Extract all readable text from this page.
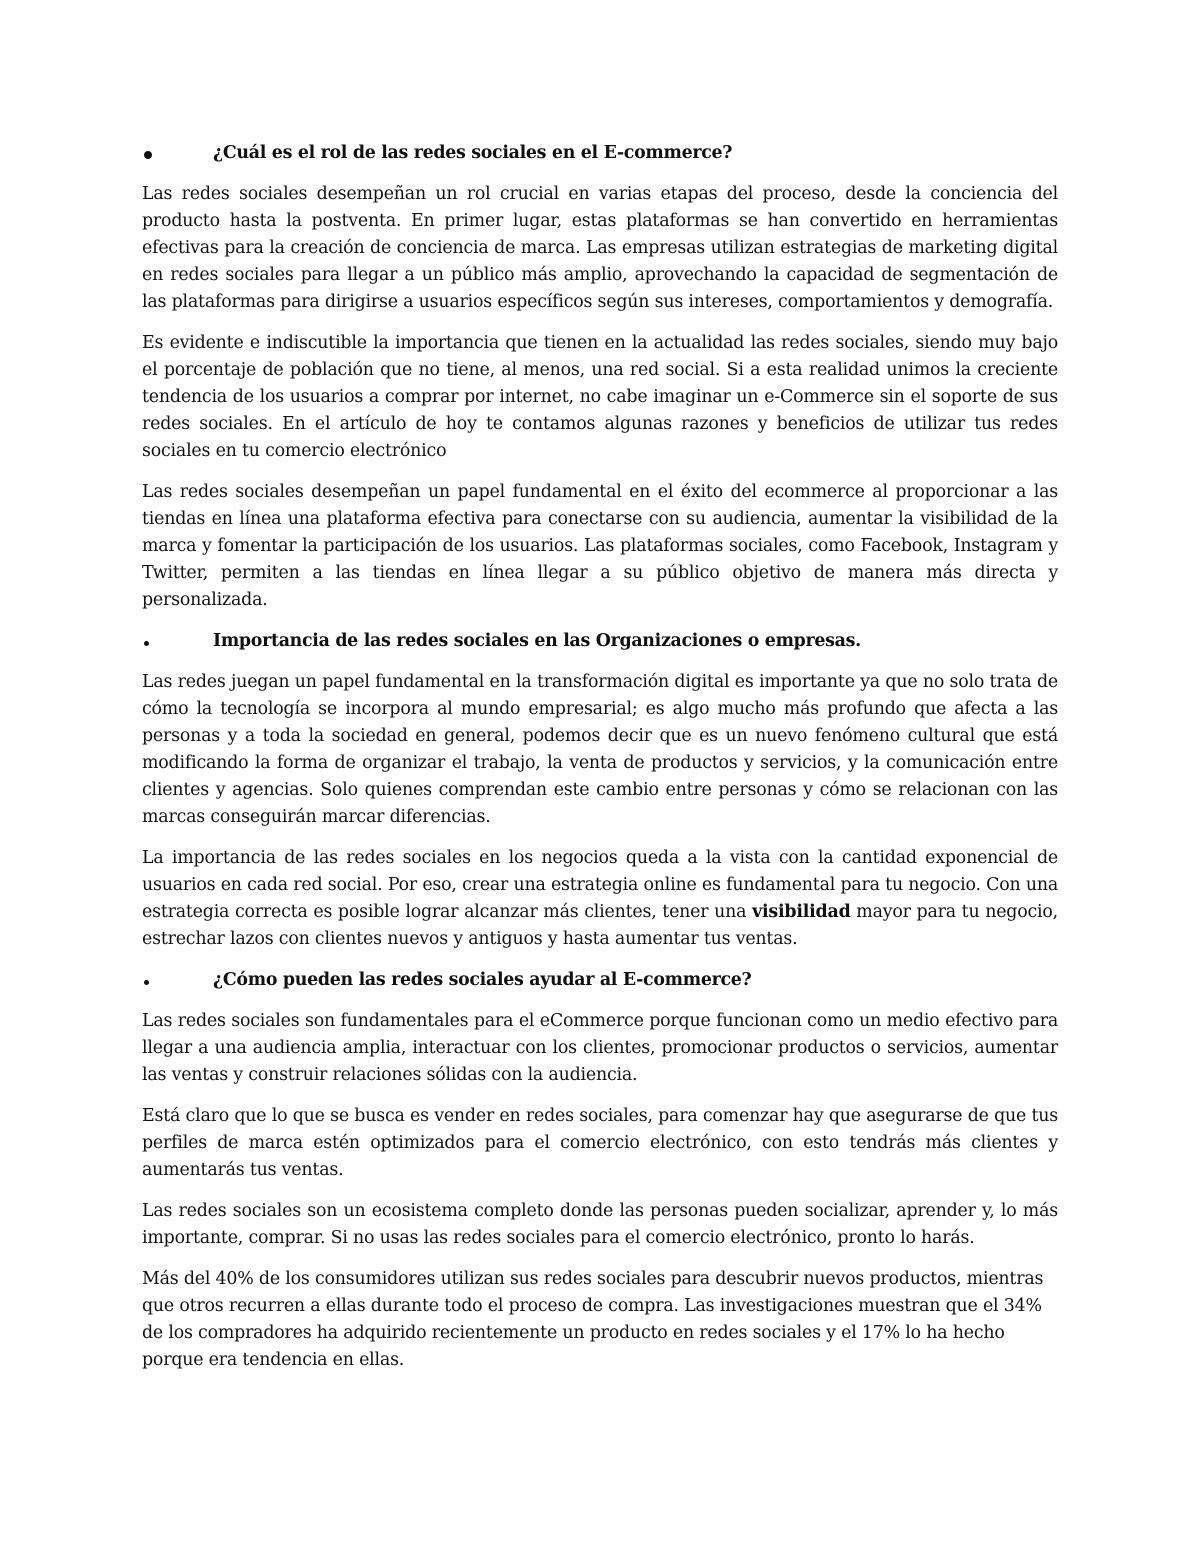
¿Cuál es el rol de las redes sociales en el E-commerce?

Las redes sociales desempeñan un rol crucial en varias etapas del proceso, desde la conciencia del producto hasta la postventa. En primer lugar, estas plataformas se han convertido en herramientas efectivas para la creación de conciencia de marca. Las empresas utilizan estrategias de marketing digital en redes sociales para llegar a un público más amplio, aprovechando la capacidad de segmentación de las plataformas para dirigirse a usuarios específicos según sus intereses, comportamientos y demografía.

Es evidente e indiscutible la importancia que tienen en la actualidad las redes sociales, siendo muy bajo el porcentaje de población que no tiene, al menos, una red social. Si a esta realidad unimos la creciente tendencia de los usuarios a comprar por internet, no cabe imaginar un e-Commerce sin el soporte de sus redes sociales. En el artículo de hoy te contamos algunas razones y beneficios de utilizar tus redes sociales en tu comercio electrónico

Las redes sociales desempeñan un papel fundamental en el éxito del ecommerce al proporcionar a las tiendas en línea una plataforma efectiva para conectarse con su audiencia, aumentar la visibilidad de la marca y fomentar la participación de los usuarios. Las plataformas sociales, como Facebook, Instagram y Twitter, permiten a las tiendas en línea llegar a su público objetivo de manera más directa y personalizada.

Importancia de las redes sociales en las Organizaciones o empresas.

Las redes juegan un papel fundamental en la transformación digital es importante ya que no solo trata de cómo la tecnología se incorpora al mundo empresarial; es algo mucho más profundo que afecta a las personas y a toda la sociedad en general, podemos decir que es un nuevo fenómeno cultural que está modificando la forma de organizar el trabajo, la venta de productos y servicios, y la comunicación entre clientes y agencias. Solo quienes comprendan este cambio entre personas y cómo se relacionan con las marcas conseguirán marcar diferencias.

La importancia de las redes sociales en los negocios queda a la vista con la cantidad exponencial de usuarios en cada red social. Por eso, crear una estrategia online es fundamental para tu negocio. Con una estrategia correcta es posible lograr alcanzar más clientes, tener una visibilidad mayor para tu negocio, estrechar lazos con clientes nuevos y antiguos y hasta aumentar tus ventas.

¿Cómo pueden las redes sociales ayudar al E-commerce?

Las redes sociales son fundamentales para el eCommerce porque funcionan como un medio efectivo para llegar a una audiencia amplia, interactuar con los clientes, promocionar productos o servicios, aumentar las ventas y construir relaciones sólidas con la audiencia.

Está claro que lo que se busca es vender en redes sociales, para comenzar hay que asegurarse de que tus perfiles de marca estén optimizados para el comercio electrónico, con esto tendrás más clientes y aumentarás tus ventas.

Las redes sociales son un ecosistema completo donde las personas pueden socializar, aprender y, lo más importante, comprar. Si no usas las redes sociales para el comercio electrónico, pronto lo harás.

Más del 40% de los consumidores utilizan sus redes sociales para descubrir nuevos productos, mientras que otros recurren a ellas durante todo el proceso de compra. Las investigaciones muestran que el 34% de los compradores ha adquirido recientemente un producto en redes sociales y el 17% lo ha hecho porque era tendencia en ellas.
